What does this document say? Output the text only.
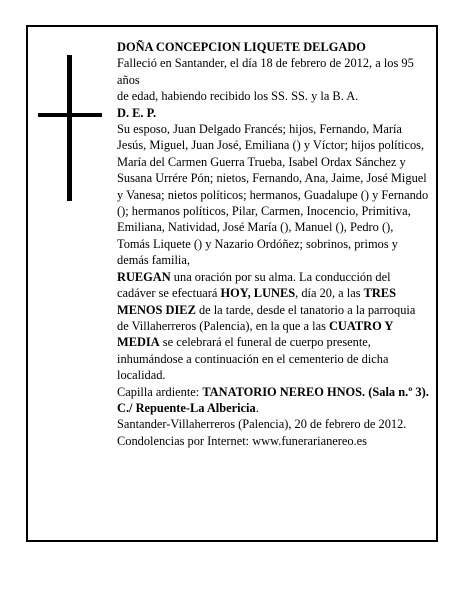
DOÑA CONCEPCION LIQUETE DELGADO

Falleció en Santander, el día 18 de febrero de 2012, a los 95 años

de edad, habiendo recibido los SS. SS. y la B. A.

D. E. P.

Su esposo, Juan Delgado Francés; hijos, Fernando, María Jesús, Miguel, Juan José, Emiliana () y Víctor; hijos políticos, María del Carmen Guerra Trueba, Isabel Ordax Sánchez y Susana Urrére Pón; nietos, Fernando, Ana, Jaime, José Miguel y Vanesa; nietos políticos; hermanos, Guadalupe () y Fernando (); hermanos políticos, Pilar, Carmen, Inocencio, Primitiva, Emiliana, Natividad, José María (), Manuel (), Pedro (), Tomás Liquete () y Nazario Ordóñez; sobrinos, primos y demás familia,

RUEGAN una oración por su alma. La conducción del cadáver se efectuará HOY, LUNES, día 20, a las TRES MENOS DIEZ de la tarde, desde el tanatorio a la parroquia de Villaherreros (Palencia), en la que a las CUATRO Y MEDIA se celebrará el funeral de cuerpo presente, inhumándose a continuación en el cementerio de dicha localidad.

Capilla ardiente: TANATORIO NEREO HNOS. (Sala n.º 3). C./ Repuente-La Albericia.

Santander-Villaherreros (Palencia), 20 de febrero de 2012.

Condolencias por Internet: www.funerarianereo.es
